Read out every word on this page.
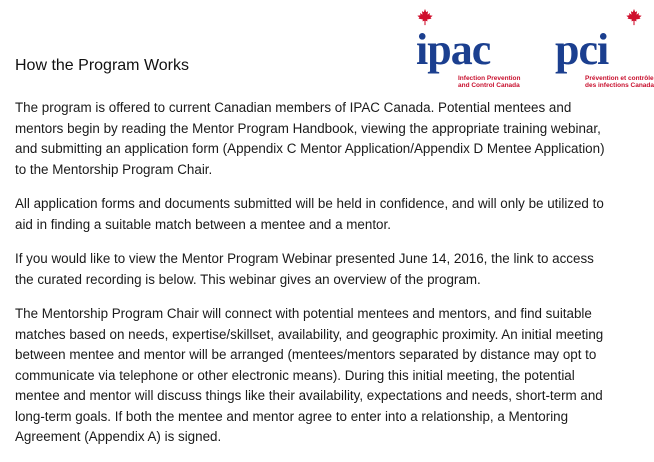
How the Program Works	ipac
Infection Prevention
and Control Canada
pci
Prévention et contrôle
des infections Canada

The program is offered to current Canadian members of IPAC Canada. Potential mentees and
mentors begin by reading the Mentor Program Handbook, viewing the appropriate training webinar,
and submitting an application form (Appendix C Mentor Application/Appendix D Mentee Application)
to the Mentorship Program Chair.

All application forms and documents submitted will be held in confidence, and will only be utilized to
aid in finding a suitable match between a mentee and a mentor.

If you would like to view the Mentor Program Webinar presented June 14, 2016, the link to access
the curated recording is below. This webinar gives an overview of the program.

The Mentorship Program Chair will connect with potential mentees and mentors, and find suitable
matches based on needs, expertise/skillset, availability, and geographic proximity. An initial meeting
between mentee and mentor will be arranged (mentees/mentors separated by distance may opt to
communicate via telephone or other electronic means). During this initial meeting, the potential
mentee and mentor will discuss things like their availability, expectations and needs, short-term and
long-term goals. If both the mentee and mentor agree to enter into a relationship, a Mentoring
Agreement (Appendix A) is signed.
